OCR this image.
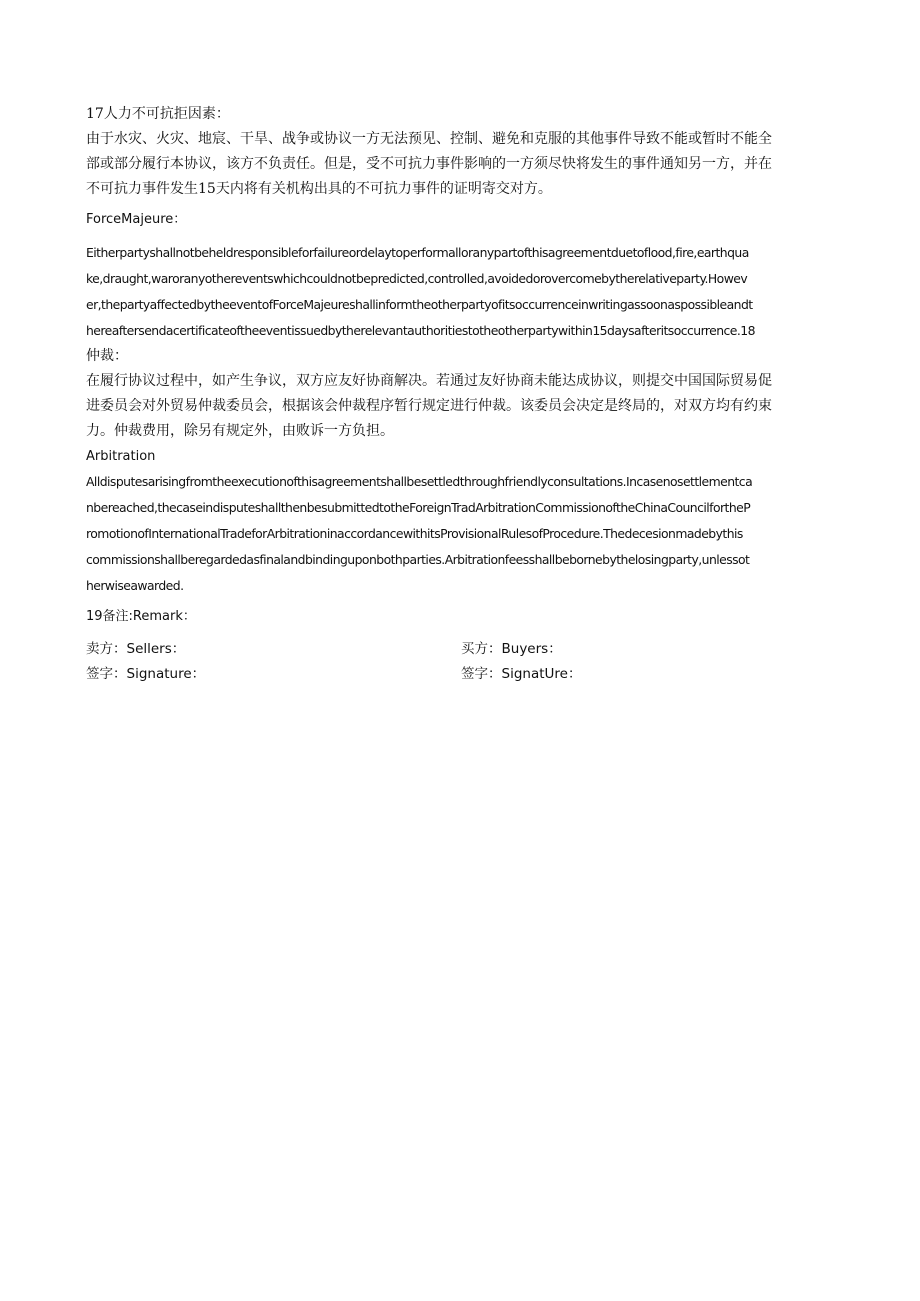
17人力不可抗拒因素：
由于水灾、火灾、地宸、干旱、战争或协议一方无法预见、控制、避免和克服的其他事件导致不能或暂时不能全
部或部分履行本协议，该方不负责任。但是，受不可抗力事件影响的一方须尽快将发生的事件通知另一方，并在
不可抗力事件发生15天内将有关机构出具的不可抗力事件的证明寄交对方。
ForceMajeure：
Eitherpartyshallnotbeheldresponsibleforfailureordelaytoperformalloranypartofthisagreementduetoflood,fire,earthqua
ke,draught,waroranyothereventswhichcouldnotbepredicted,controlled,avoidedorovercomebytherelativeparty.Howev
er,thepartyaffectedbytheeventofForceMajeureshallinformtheotherpartyofitsoccurrenceinwritingassoonaspossibleandt
hereaftersendacertificateoftheeventissuedbytherelevantauthoritiestotheotherpartywithin15daysafteritsoccurrence.18
仲裁：
在履行协议过程中，如产生争议，双方应友好协商解决。若通过友好协商未能达成协议，则提交中国国际贸易促
进委员会对外贸易仲裁委员会，根据该会仲裁程序暂行规定进行仲裁。该委员会决定是终局的，对双方均有约束
力。仲裁费用，除另有规定外，由败诉一方负担。
Arbitration
Alldisputesarisingfromtheexecutionofthisagreementshallbesettledthroughfriendlyconsultations.Incasenosettlementca
nbereached,thecaseindisputeshallthenbesubmittedtotheForeignTradArbitrationCommissionoftheChinaCouncilfortheP
romotionofInternationalTradeforArbitrationinaccordancewithitsProvisionalRulesofProcedure.Thedecesionmadebythis
commissionshallberegardedasfinalandbindinguponbothparties.Arbitrationfeesshallbebornebythelosingparty,unlessot
herwiseawarded.
19备注:Remark：
卖方：Sellers：	买方：Buyers：
签字：Signature：	签字：SignatUre：
